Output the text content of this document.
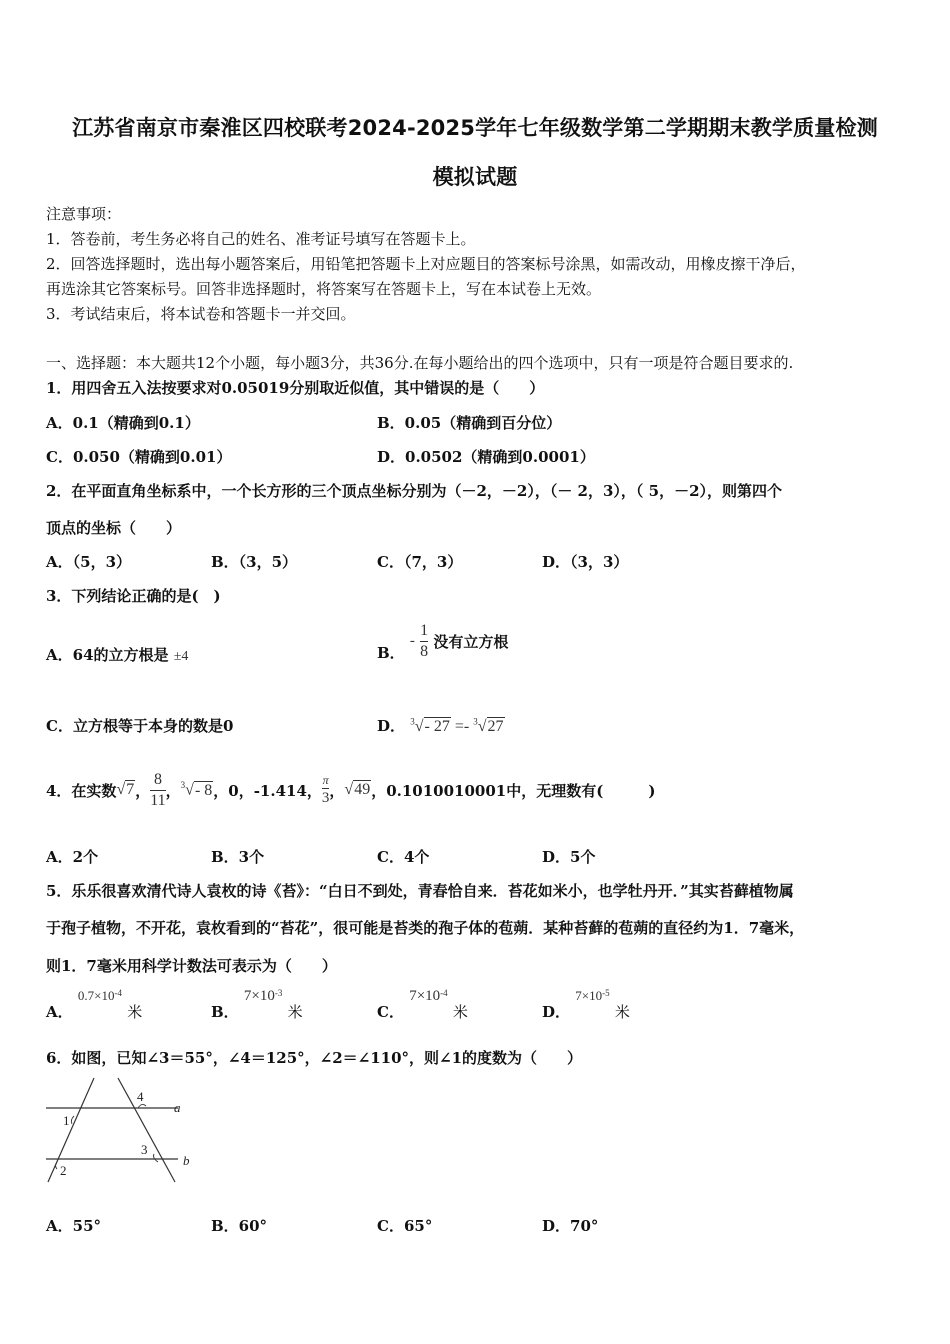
江苏省南京市秦淮区四校联考2024-2025学年七年级数学第二学期期末教学质量检测
模拟试题
注意事项：
1．答卷前，考生务必将自己的姓名、准考证号填写在答题卡上。
2．回答选择题时，选出每小题答案后，用铅笔把答题卡上对应题目的答案标号涂黑，如需改动，用橡皮擦干净后，
再选涂其它答案标号。回答非选择题时，将答案写在答题卡上，写在本试卷上无效。
3．考试结束后，将本试卷和答题卡一并交回。
一、选择题：本大题共12个小题，每小题3分，共36分.在每小题给出的四个选项中，只有一项是符合题目要求的.
1．用四舍五入法按要求对0.05019分别取近似值，其中错误的是（　　）
A．0.1（精确到0.1）	B．0.05（精确到百分位）
C．0.050（精确到0.01）	D．0.0502（精确到0.0001）
2．在平面直角坐标系中，一个长方形的三个顶点坐标分别为（－2，－2），（－ 2，3），（ 5，－2），则第四个
顶点的坐标（　　）
A．（5，3）	B．（3，5）	C．（7，3）	D．（3，3）
3．下列结论正确的是(　)
A．64的立方根是 ±4	B． - $\frac{1}{8}$ 没有立方根
C．立方根等于本身的数是0	D． $^3$√- 27 =- $^3$√27
4．在实数 √7 ， $\frac{8}{11}$ ， $^3$√- 8 ，0，-1.414， $\frac{\pi}{3}$ ， √49 ，0.1010010001中，无理数有(　　　)
A．2个	B．3个	C．4个	D．5个
5．乐乐很喜欢清代诗人袁枚的诗《苔》：“白日不到处，青春恰自来．苔花如米小，也学牡丹开．”其实苔藓植物属
于孢子植物，不开花，袁枚看到的“苔花”，很可能是苔类的孢子体的苞蒴．某种苔藓的苞蒴的直径约为1．7毫米，
则1．7毫米用科学计数法可表示为（　　）
A． $0.7\times 10^{-4}$ 米	B． $7\times 10^{-3}$ 米	C． $7\times 10^{-4}$ 米	D． $7\times 10^{-5}$ 米
6．如图，已知∠3＝55°，∠4＝125°，∠2＝∠110°，则∠1的度数为（　　）
1
2
3
4
a
b
A．55°	B．60°	C．65°	D．70°
